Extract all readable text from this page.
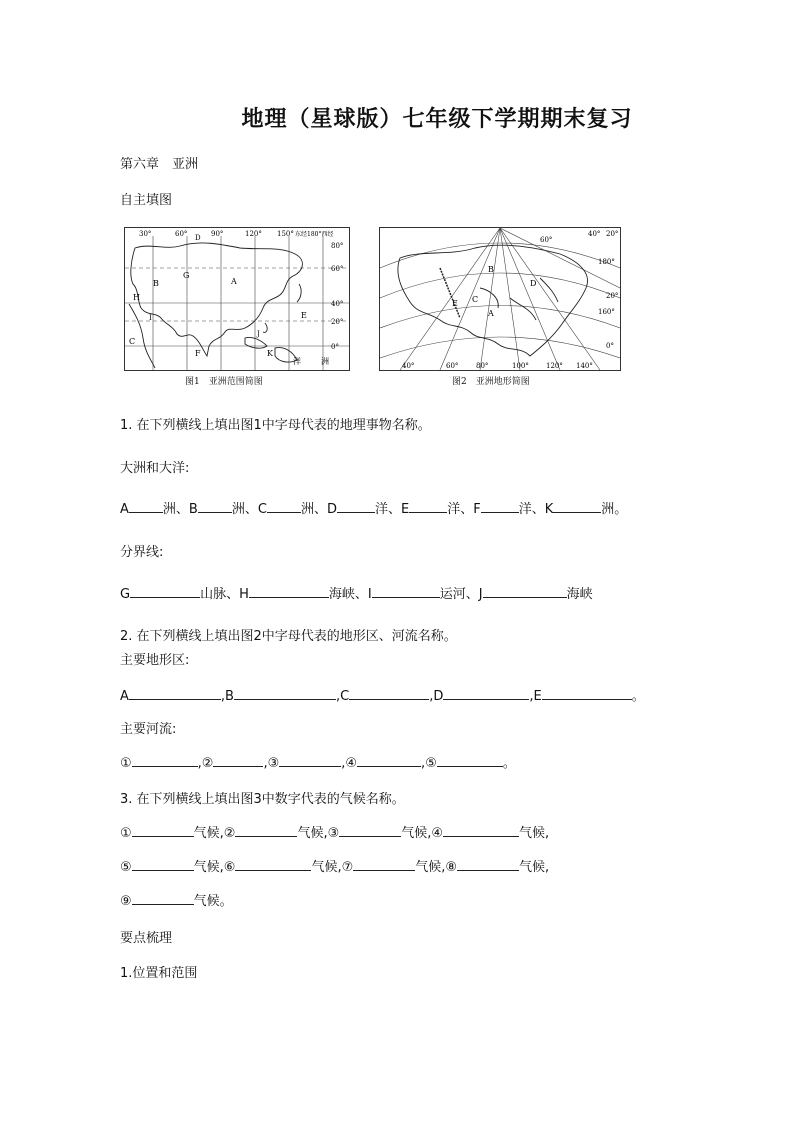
地理（星球版）七年级下学期期末复习
第六章　亚洲
自主填图
30°	60° D 90°	120° 150° 东经180°西经
80°
60°
40°
20°
0°
B
G
A
H
E
C
F	K
I
J
洋	洲
图1　亚洲范围简图
60°
40° 20°
180°
20°
160°
0°
40°	60°	80°	100° 120° 140°
B
A
C
D
E
图2　亚洲地形简图
1. 在下列横线上填出图1中字母代表的地理事物名称。
大洲和大洋:
A	洲、B	洲、C	洲、D	洋、E	洋、F	洋、K	洲。
分界线:
G	山脉、H	海峡、I	运河、J	海峡
2. 在下列横线上填出图2中字母代表的地形区、河流名称。
主要地形区:
A	,B	,C	,D	,E	。
主要河流:
①	,②	,③	,④	,⑤	。
3. 在下列横线上填出图3中数字代表的气候名称。
①	气候,②	气候,③	气候,④	气候,
⑤	气候,⑥	气候,⑦	气候,⑧	气候,
⑨	气候。
要点梳理
1.位置和范围
